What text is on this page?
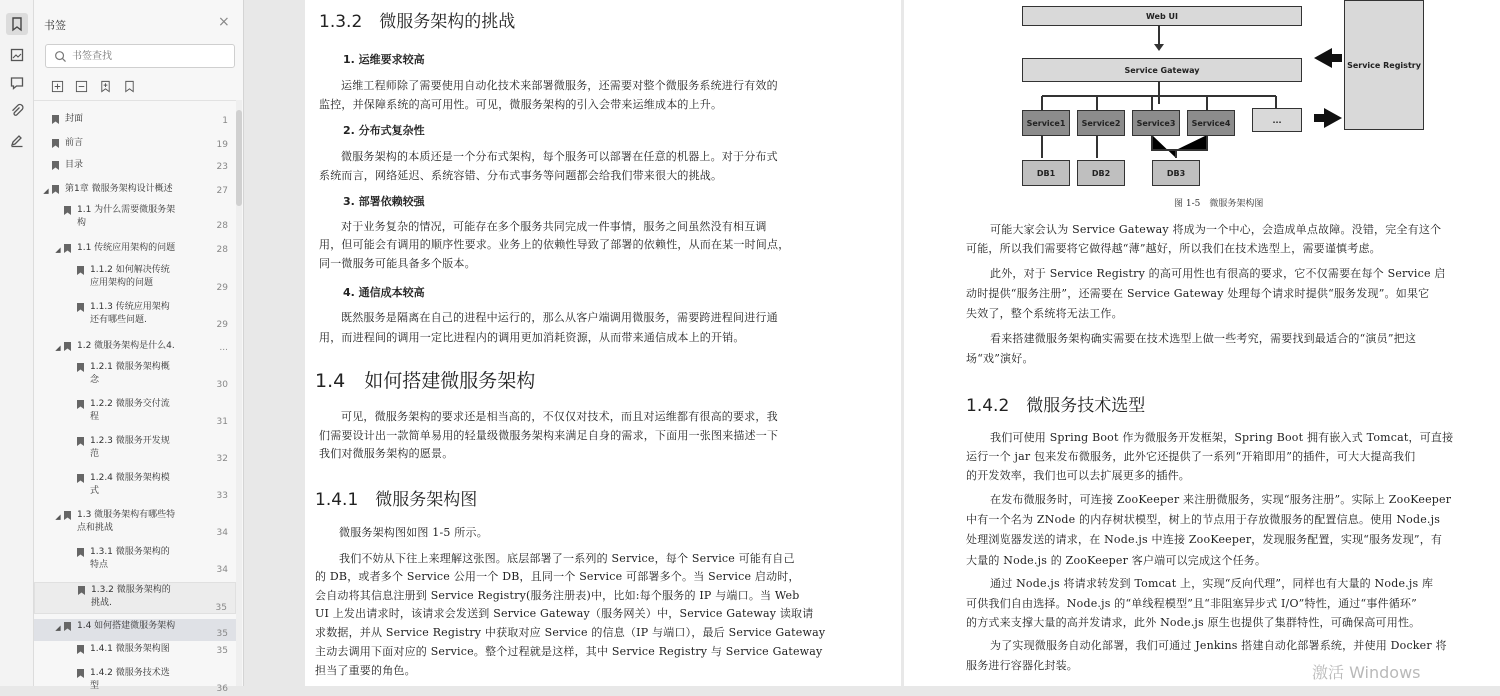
书签	×
书签查找
封面	1
前言	19
目录	23
◢ 第1章 微服务架构设计概述	27
1.1 为什么需要微服务架
构	28
◢ 1.1 传统应用架构的问题	28
1.1.2 如何解决传统
应用架构的问题	29
1.1.3 传统应用架构
还有哪些问题.	29
◢ 1.2 微服务架构是什么4.	...
1.2.1 微服务架构概
念	30
1.2.2 微服务交付流
程	31
1.2.3 微服务开发规
范	32
1.2.4 微服务架构模
式	33
◢ 1.3 微服务架构有哪些特
点和挑战	34
1.3.1 微服务架构的
特点	34
1.3.2 微服务架构的
挑战.	35
◢ 1.4 如何搭建微服务架构
35
1.4.1 微服务架构图	35
1.4.2 微服务技术选
型	36
1.3.2　微服务架构的挑战
1. 运维要求较高
运维工程师除了需要使用自动化技术来部署微服务，还需要对整个微服务系统进行有效的
监控，并保障系统的高可用性。可见，微服务架构的引入会带来运维成本的上升。
2. 分布式复杂性
微服务架构的本质还是一个分布式架构，每个服务可以部署在任意的机器上。对于分布式
系统而言，网络延迟、系统容错、分布式事务等问题都会给我们带来很大的挑战。
3. 部署依赖较强
对于业务复杂的情况，可能存在多个服务共同完成一件事情，服务之间虽然没有相互调
用，但可能会有调用的顺序性要求。业务上的依赖性导致了部署的依赖性，从而在某一时间点，
同一微服务可能具备多个版本。
4. 通信成本较高
既然服务是隔离在自己的进程中运行的，那么从客户端调用微服务，需要跨进程间进行通
用，而进程间的调用一定比进程内的调用更加消耗资源，从而带来通信成本上的开销。
1.4　如何搭建微服务架构
可见，微服务架构的要求还是相当高的，不仅仅对技术，而且对运维都有很高的要求，我
们需要设计出一款简单易用的轻量级微服务架构来满足自身的需求，下面用一张图来描述一下
我们对微服务架构的愿景。
1.4.1　微服务架构图
微服务架构图如图 1-5 所示。
我们不妨从下往上来理解这张图。底层部署了一系列的 Service，每个 Service 可能有自己
的 DB，或者多个 Service 公用一个 DB，且同一个 Service 可部署多个。当 Service 启动时，
会自动将其信息注册到 Service Registry(服务注册表)中，比如:每个服务的 IP 与端口。当 Web
UI 上发出请求时，该请求会发送到 Service Gateway（服务网关）中，Service Gateway 读取请
求数据，并从 Service Registry 中获取对应 Service 的信息（IP 与端口），最后 Service Gateway
主动去调用下面对应的 Service。整个过程就是这样，其中 Service Registry 与 Service Gateway
担当了重要的角色。
Web UI
Service Gateway
Service Registry
Service1	Service2	Service3	Service4	...
DB1	DB2	DB3
图 1-5　微服务架构图
可能大家会认为 Service Gateway 将成为一个中心，会造成单点故障。没错，完全有这个
可能，所以我们需要将它做得越“薄”越好，所以我们在技术选型上，需要谨慎考虑。
此外，对于 Service Registry 的高可用性也有很高的要求，它不仅需要在每个 Service 启
动时提供“服务注册”，还需要在 Service Gateway 处理每个请求时提供“服务发现”。如果它
失效了，整个系统将无法工作。
看来搭建微服务架构确实需要在技术选型上做一些考究，需要找到最适合的“演员”把这
场“戏”演好。
1.4.2　微服务技术选型
我们可使用 Spring Boot 作为微服务开发框架，Spring Boot 拥有嵌入式 Tomcat，可直接
运行一个 jar 包来发布微服务，此外它还提供了一系列“开箱即用”的插件，可大大提高我们
的开发效率，我们也可以去扩展更多的插件。
在发布微服务时，可连接 ZooKeeper 来注册微服务，实现“服务注册”。实际上 ZooKeeper
中有一个名为 ZNode 的内存树状模型，树上的节点用于存放微服务的配置信息。使用 Node.js
处理浏览器发送的请求，在 Node.js 中连接 ZooKeeper，发现服务配置，实现“服务发现”，有
大量的 Node.js 的 ZooKeeper 客户端可以完成这个任务。
通过 Node.js 将请求转发到 Tomcat 上，实现“反向代理”，同样也有大量的 Node.js 库
可供我们自由选择。Node.js 的“单线程模型”且“非阻塞异步式 I/O”特性，通过“事件循环”
的方式来支撑大量的高并发请求，此外 Node.js 原生也提供了集群特性，可确保高可用性。
为了实现微服务自动化部署，我们可通过 Jenkins 搭建自动化部署系统，并使用 Docker 将
服务进行容器化封装。	激活 Windows
